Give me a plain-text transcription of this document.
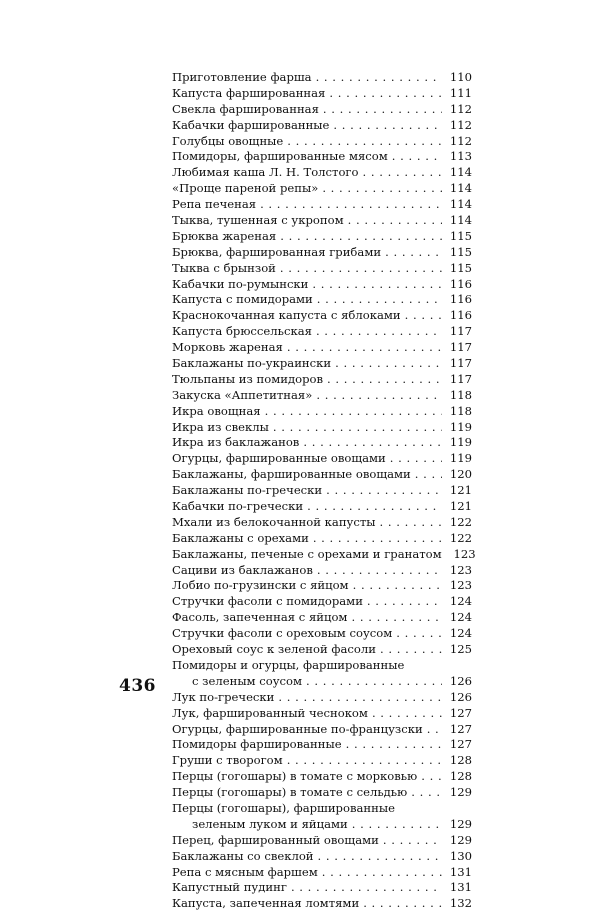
Приготовление фарша . . .	110
Капуста фаршированная . . .	111
Свекла фаршированная . . .	112
Кабачки фаршированные . . .	112
Голубцы овощные . . .	112
Помидоры, фаршированные мясом . . .	113
Любимая каша Л. Н. Толстого . . .	114
«Проще пареной репы» . . .	114
Репа печеная . . .	114
Тыква, тушенная с укропом . . .	114
Брюква жареная . . .	115
Брюква, фаршированная грибами . . .	115
Тыква с брынзой . . .	115
Кабачки по-румынски . . .	116
Капуста с помидорами . . .	116
Краснокочанная капуста с яблоками . . .	116
Капуста брюссельская . . .	117
Морковь жареная . . .	117
Баклажаны по-украински . . .	117
Тюльпаны из помидоров . . .	117
Закуска «Аппетитная» . . .	118
Икра овощная . . .	118
Икра из свеклы . . .	119
Икра из баклажанов . . .	119
Огурцы, фаршированные овощами . . .	119
Баклажаны, фаршированные овощами . . .	120
Баклажаны по-гречески . . .	121
Кабачки по-гречески . . .	121
Мхали из белокочанной капусты . . .	122
Баклажаны с орехами . . .	122
Баклажаны, печеные с орехами и гранатом	123
Сациви из баклажанов . . .	123
Лобио по-грузински с яйцом . . .	123
Стручки фасоли с помидорами . . .	124
Фасоль, запеченная с яйцом . . .	124
Стручки фасоли с ореховым соусом . . .	124
Ореховый соус к зеленой фасоли . . .	125
Помидоры и огурцы, фаршированные
с зеленым соусом . . .	126
Лук по-гречески . . .	126
Лук, фаршированный чесноком . . .	127
Огурцы, фаршированные по-французски . . .	127
Помидоры фаршированные . . .	127
Груши с творогом . . .	128
Перцы (гогошары) в томате с морковью . . .	128
Перцы (гогошары) в томате с сельдью . . .	129
Перцы (гогошары), фаршированные
зеленым луком и яйцами . . .	129
Перец, фаршированный овощами . . .	129
Баклажаны со свеклой . . .	130
Репа с мясным фаршем . . .	131
Капустный пудинг . . .	131
Капуста, запеченная ломтями . . .	132
436
